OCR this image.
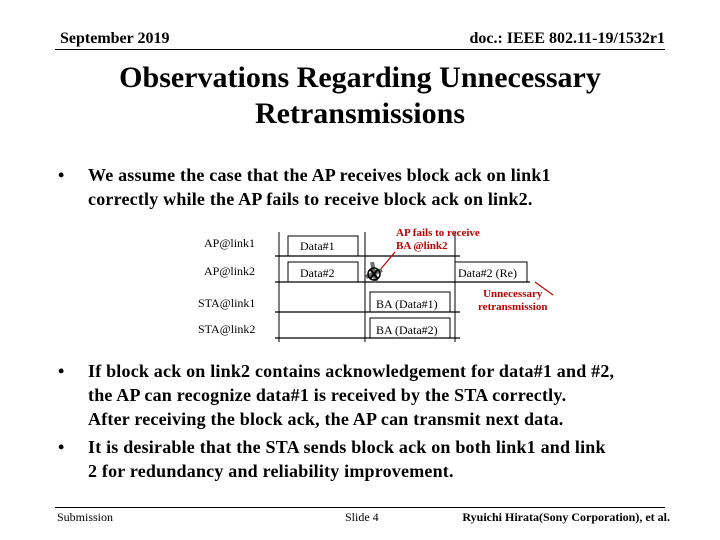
September 2019	doc.: IEEE 802.11-19/1532r1
Observations Regarding Unnecessary
Retransmissions
• We assume the case that the AP receives block ack on link1
correctly while the AP fails to receive block ack on link2.
AP@link1
AP@link2
STA@link1
STA@link2
Data#1
Data#2
BA (Data#1)
BA (Data#2)
Data#2 (Re)
AP fails to receive
BA @link2
Unnecessary
retransmission
• If block ack on link2 contains acknowledgement for data#1 and #2,
the AP can recognize data#1 is received by the STA correctly.
After receiving the block ack, the AP can transmit next data.
• It is desirable that the STA sends block ack on both link1 and link
2 for redundancy and reliability improvement.
Submission	Slide 4	Ryuichi Hirata(Sony Corporation), et al.
